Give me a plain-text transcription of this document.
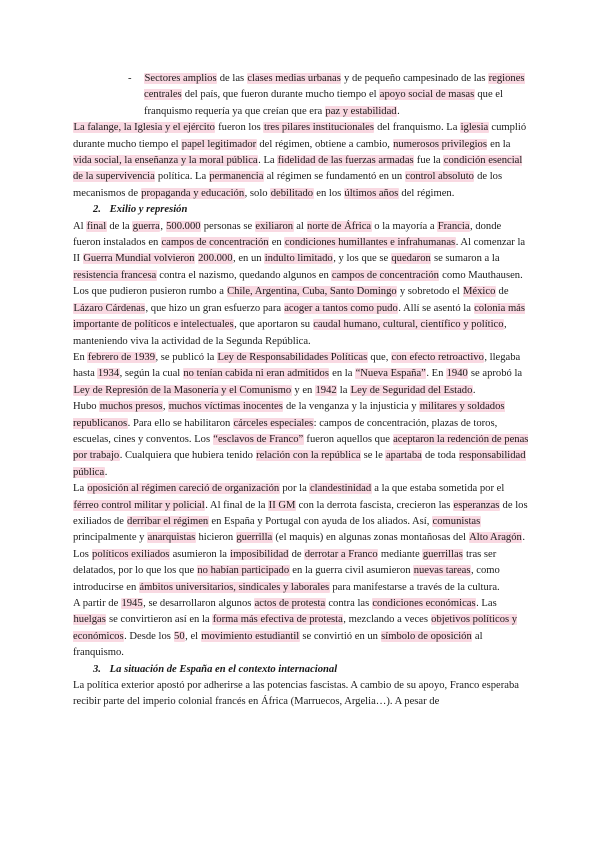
-	Sectores amplios de las clases medias urbanas y de pequeño campesinado de las regiones centrales del país, que fueron durante mucho tiempo el apoyo social de masas que el franquismo requería ya que creían que era paz y estabilidad.

La falange, la Iglesia y el ejército fueron los tres pilares institucionales del franquismo. La iglesia cumplió durante mucho tiempo el papel legitimador del régimen, obtiene a cambio, numerosos privilegios en la vida social, la enseñanza y la moral pública. La fidelidad de las fuerzas armadas fue la condición esencial de la supervivencia política. La permanencia al régimen se fundamentó en un control absoluto de los mecanismos de propaganda y educación, solo debilitado en los últimos años del régimen.

2. Exilio y represión

Al final de la guerra, 500.000 personas se exiliaron al norte de África o la mayoría a Francia, donde fueron instalados en campos de concentración en condiciones humillantes e infrahumanas. Al comenzar la II Guerra Mundial volvieron 200.000, en un indulto limitado, y los que se quedaron se sumaron a la resistencia francesa contra el nazismo, quedando algunos en campos de concentración como Mauthausen.

Los que pudieron pusieron rumbo a Chile, Argentina, Cuba, Santo Domingo y sobretodo el México de Lázaro Cárdenas, que hizo un gran esfuerzo para acoger a tantos como pudo. Allí se asentó la colonia más importante de políticos e intelectuales, que aportaron su caudal humano, cultural, científico y político, manteniendo viva la actividad de la Segunda República.

En febrero de 1939, se publicó la Ley de Responsabilidades Políticas que, con efecto retroactivo, llegaba hasta 1934, según la cual no tenían cabida ni eran admitidos en la “Nueva España”. En 1940 se aprobó la Ley de Represión de la Masonería y el Comunismo y en 1942 la Ley de Seguridad del Estado.

Hubo muchos presos, muchos víctimas inocentes de la venganza y la injusticia y militares y soldados republicanos. Para ello se habilitaron cárceles especiales: campos de concentración, plazas de toros, escuelas, cines y conventos. Los “esclavos de Franco” fueron aquellos que aceptaron la redención de penas por trabajo. Cualquiera que hubiera tenido relación con la república se le apartaba de toda responsabilidad pública.

La oposición al régimen careció de organización por la clandestinidad a la que estaba sometida por el férreo control militar y policial. Al final de la II GM con la derrota fascista, crecieron las esperanzas de los exiliados de derribar el régimen en España y Portugal con ayuda de los aliados. Así, comunistas principalmente y anarquistas hicieron guerrilla (el maquis) en algunas zonas montañosas del Alto Aragón.

Los políticos exiliados asumieron la imposibilidad de derrotar a Franco mediante guerrillas tras ser delatados, por lo que los que no habían participado en la guerra civil asumieron nuevas tareas, como introducirse en ámbitos universitarios, sindicales y laborales para manifestarse a través de la cultura.

A partir de 1945, se desarrollaron algunos actos de protesta contra las condiciones económicas. Las huelgas se convirtieron así en la forma más efectiva de protesta, mezclando a veces objetivos políticos y económicos. Desde los 50, el movimiento estudiantil se convirtió en un símbolo de oposición al franquismo.

3. La situación de España en el contexto internacional

La política exterior apostó por adherirse a las potencias fascistas. A cambio de su apoyo, Franco esperaba recibir parte del imperio colonial francés en África (Marruecos, Argelia…). A pesar de
